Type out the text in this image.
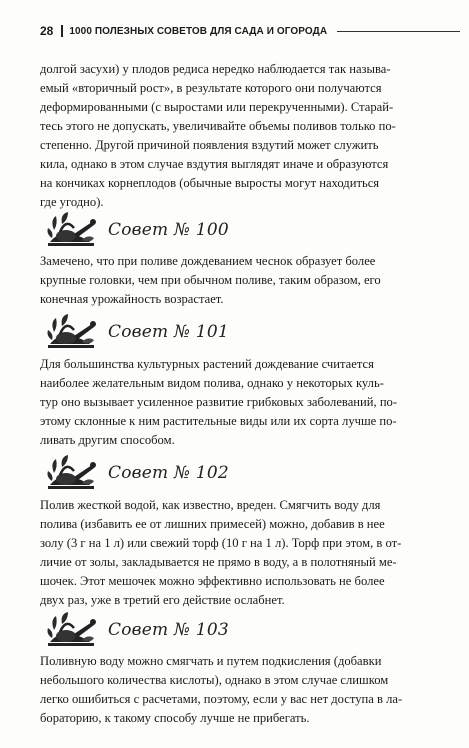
28 1000 ПОЛЕЗНЫХ СОВЕТОВ ДЛЯ САДА И ОГОРОДА

долгой засухи) у плодов редиса нередко наблюдается так называ-
емый «вторичный рост», в результате которого они получаются
деформированными (с выростами или перекрученными). Старай-
тесь этого не допускать, увеличивайте объемы поливов только по-
степенно. Другой причиной появления вздутий может служить
кила, однако в этом случае вздутия выглядят иначе и образуются
на кончиках корнеплодов (обычные выросты могут находиться
где угодно).

Совет № 100

Замечено, что при поливе дождеванием чеснок образует более
крупные головки, чем при обычном поливе, таким образом, его
конечная урожайность возрастает.

Совет № 101

Для большинства культурных растений дождевание считается
наиболее желательным видом полива, однако у некоторых куль-
тур оно вызывает усиленное развитие грибковых заболеваний, по-
этому склонные к ним растительные виды или их сорта лучше по-
ливать другим способом.

Совет № 102

Полив жесткой водой, как известно, вреден. Смягчить воду для
полива (избавить ее от лишних примесей) можно, добавив в нее
золу (3 г на 1 л) или свежий торф (10 г на 1 л). Торф при этом, в от-
личие от золы, закладывается не прямо в воду, а в полотняный ме-
шочек. Этот мешочек можно эффективно использовать не более
двух раз, уже в третий его действие ослабнет.

Совет № 103

Поливную воду можно смягчать и путем подкисления (добавки
небольшого количества кислоты), однако в этом случае слишком
легко ошибиться с расчетами, поэтому, если у вас нет доступа в ла-
бораторию, к такому способу лучше не прибегать.
